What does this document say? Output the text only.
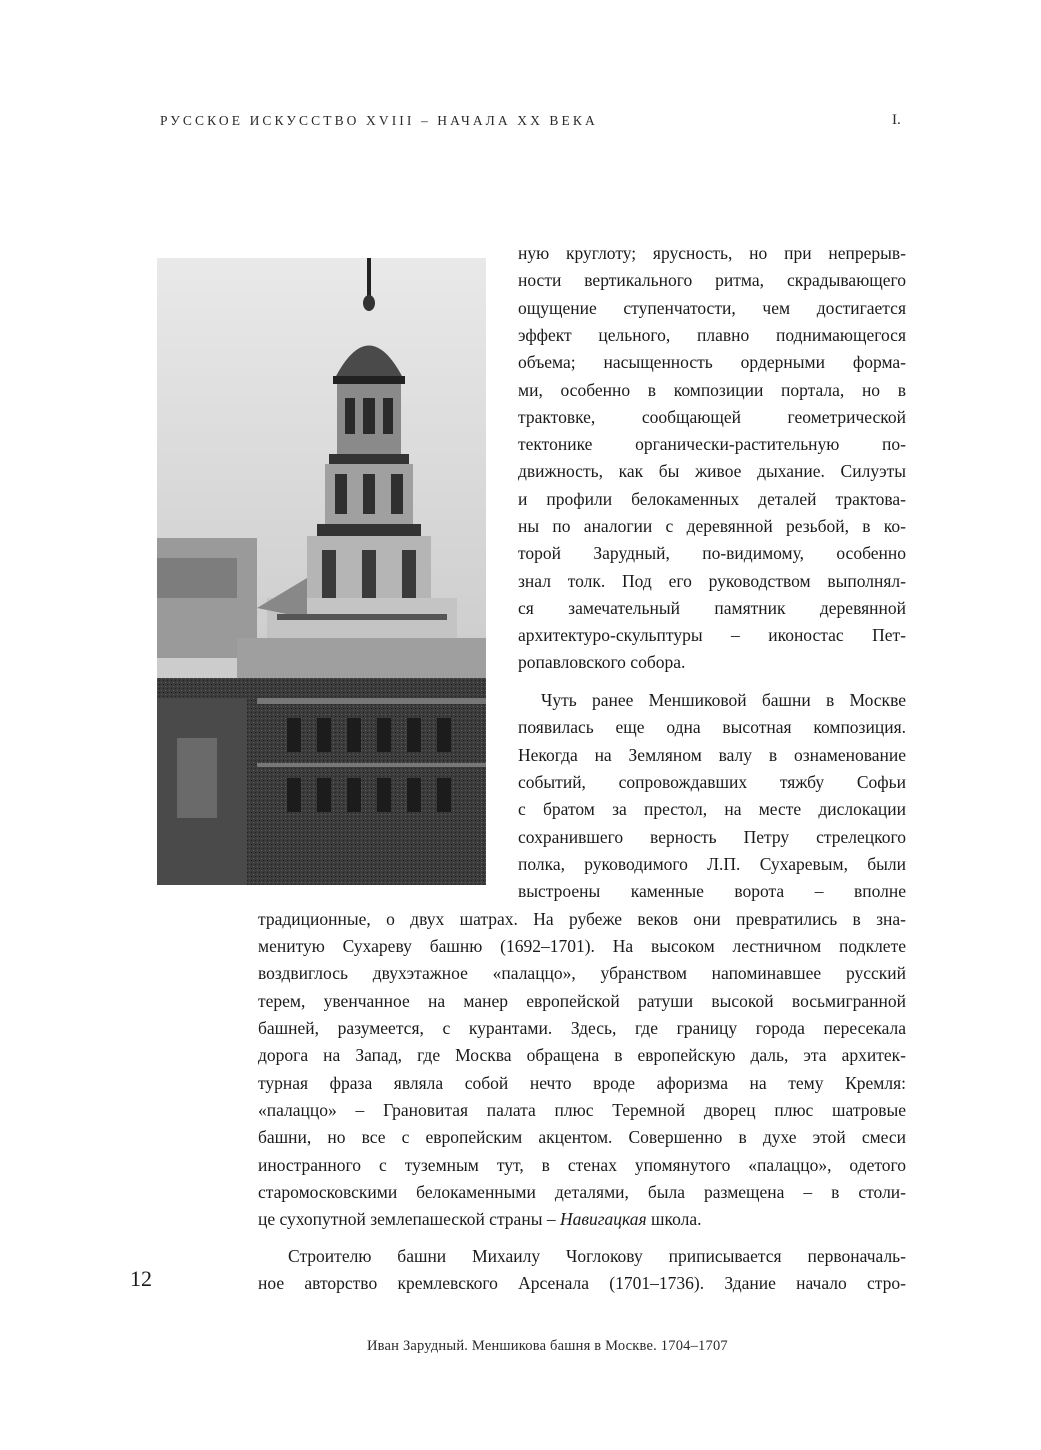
РУССКОЕ ИСКУССТВО XVIII – НАЧАЛА XX ВЕКА	I.
ную круглоту; ярусность, но при непрерыв-
ности вертикального ритма, скрадывающего
ощущение ступенчатости, чем достигается
эффект цельного, плавно поднимающегося
объема; насыщенность ордерными форма-
ми, особенно в композиции портала, но в
трактовке, сообщающей геометрической
тектонике органически-растительную по-
движность, как бы живое дыхание. Силуэты
и профили белокаменных деталей трактова-
ны по аналогии с деревянной резьбой, в ко-
торой Зарудный, по-видимому, особенно
знал толк. Под его руководством выполнял-
ся замечательный памятник деревянной
архитектуро-скульптуры – иконостас Пет-
ропавловского собора.
Чуть ранее Меншиковой башни в Москве
появилась еще одна высотная композиция.
Некогда на Земляном валу в ознаменование
событий, сопровождавших тяжбу Софьи
с братом за престол, на месте дислокации
сохранившего верность Петру стрелецкого
полка, руководимого Л.П. Сухаревым, были
выстроены каменные ворота – вполне
традиционные, о двух шатрах. На рубеже веков они превратились в зна-
менитую Сухареву башню (1692–1701). На высоком лестничном подклете
воздвиглось двухэтажное «палаццо», убранством напоминавшее русский
терем, увенчанное на манер европейской ратуши высокой восьмигранной
башней, разумеется, с курантами. Здесь, где границу города пересекала
дорога на Запад, где Москва обращена в европейскую даль, эта архитек-
турная фраза являла собой нечто вроде афоризма на тему Кремля:
«палаццо» – Грановитая палата плюс Теремной дворец плюс шатровые
башни, но все с европейским акцентом. Совершенно в духе этой смеси
иностранного с туземным тут, в стенах упомянутого «палаццо», одетого
старомосковскими белокаменными деталями, была размещена – в столи-
це сухопутной землепашеской страны – Навигацкая школа.
Строителю башни Михаилу Чоглокову приписывается первоначаль-
ное авторство кремлевского Арсенала (1701–1736). Здание начало стро-
12
Иван Зарудный. Меншикова башня в Москве. 1704–1707
